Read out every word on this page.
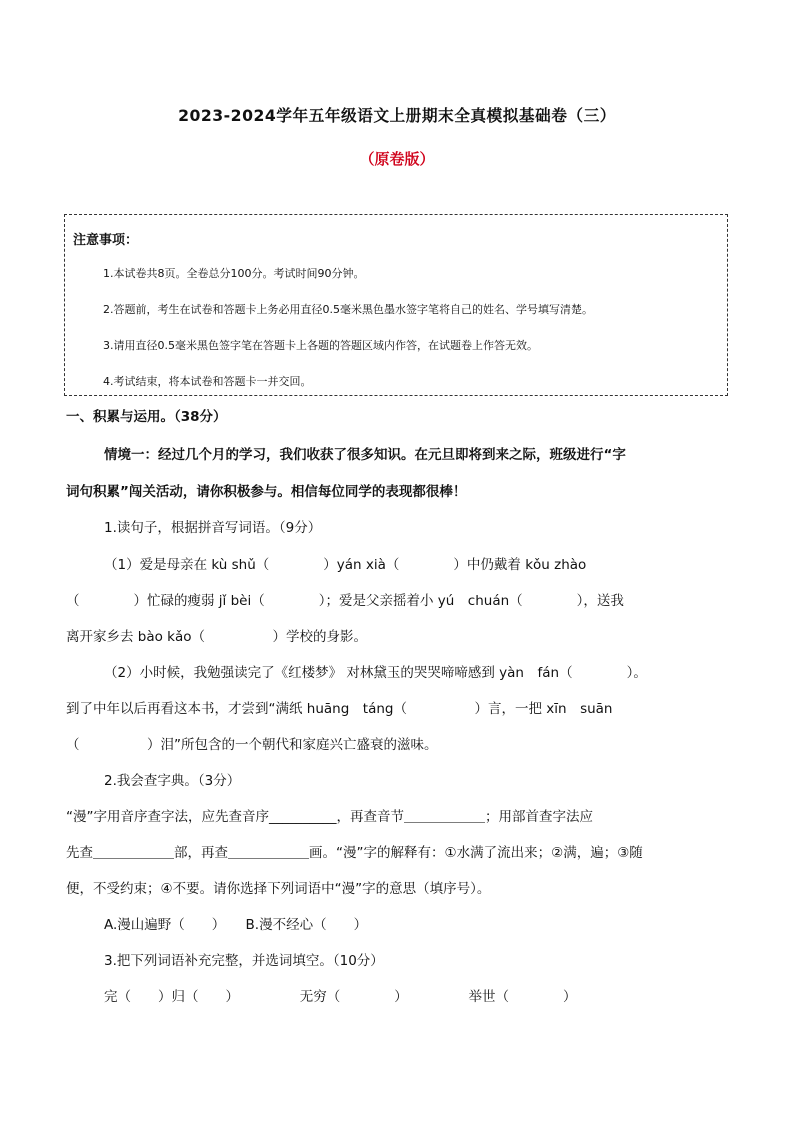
2023-2024学年五年级语文上册期末全真模拟基础卷（三）
（原卷版）
注意事项：
1.本试卷共8页。全卷总分100分。考试时间90分钟。
2.答题前，考生在试卷和答题卡上务必用直径0.5毫米黑色墨水签字笔将自己的姓名、学号填写清楚。
3.请用直径0.5毫米黑色签字笔在答题卡上各题的答题区域内作答，在试题卷上作答无效。
4.考试结束，将本试卷和答题卡一并交回。
一、积累与运用。（38分）
情境一：经过几个月的学习，我们收获了很多知识。在元旦即将到来之际，班级进行“字
词句积累”闯关活动，请你积极参与。相信每位同学的表现都很棒！
1.读句子，根据拼音写词语。（9分）
（1）爱是母亲在 kù shǔ（　　　　）yán xià（　　　　）中仍戴着 kǒu zhào
（　　　　）忙碌的瘦弱 jǐ bèi（　　　　）；爱是父亲摇着小 yú　chuán（　　　　），送我
离开家乡去 bào kǎo（　　　　　）学校的身影。
（2）小时候，我勉强读完了《红楼梦》 对林黛玉的哭哭啼啼感到 yàn　fán（　　　　）。
到了中年以后再看这本书，才尝到“满纸 huāng　táng（　　　　　）言，一把 xīn　suān
（　　　　　）泪”所包含的一个朝代和家庭兴亡盛衰的滋味。
2.我会查字典。（3分）
“漫”字用音序查字法，应先查音序__________，再查音节＿＿＿＿＿＿；用部首查字法应
先查＿＿＿＿＿＿部，再查＿＿＿＿＿＿画。“漫”字的解释有：①水满了流出来；②满，遍；③随
便，不受约束；④不要。请你选择下列词语中“漫”字的意思（填序号）。
A.漫山遍野（　　）　　B.漫不经心（　　）
3.把下列词语补充完整，并选词填空。（10分）
完（　　）归（　　）　　　　　无穷（　　　　）　　　　　举世（　　　　）
